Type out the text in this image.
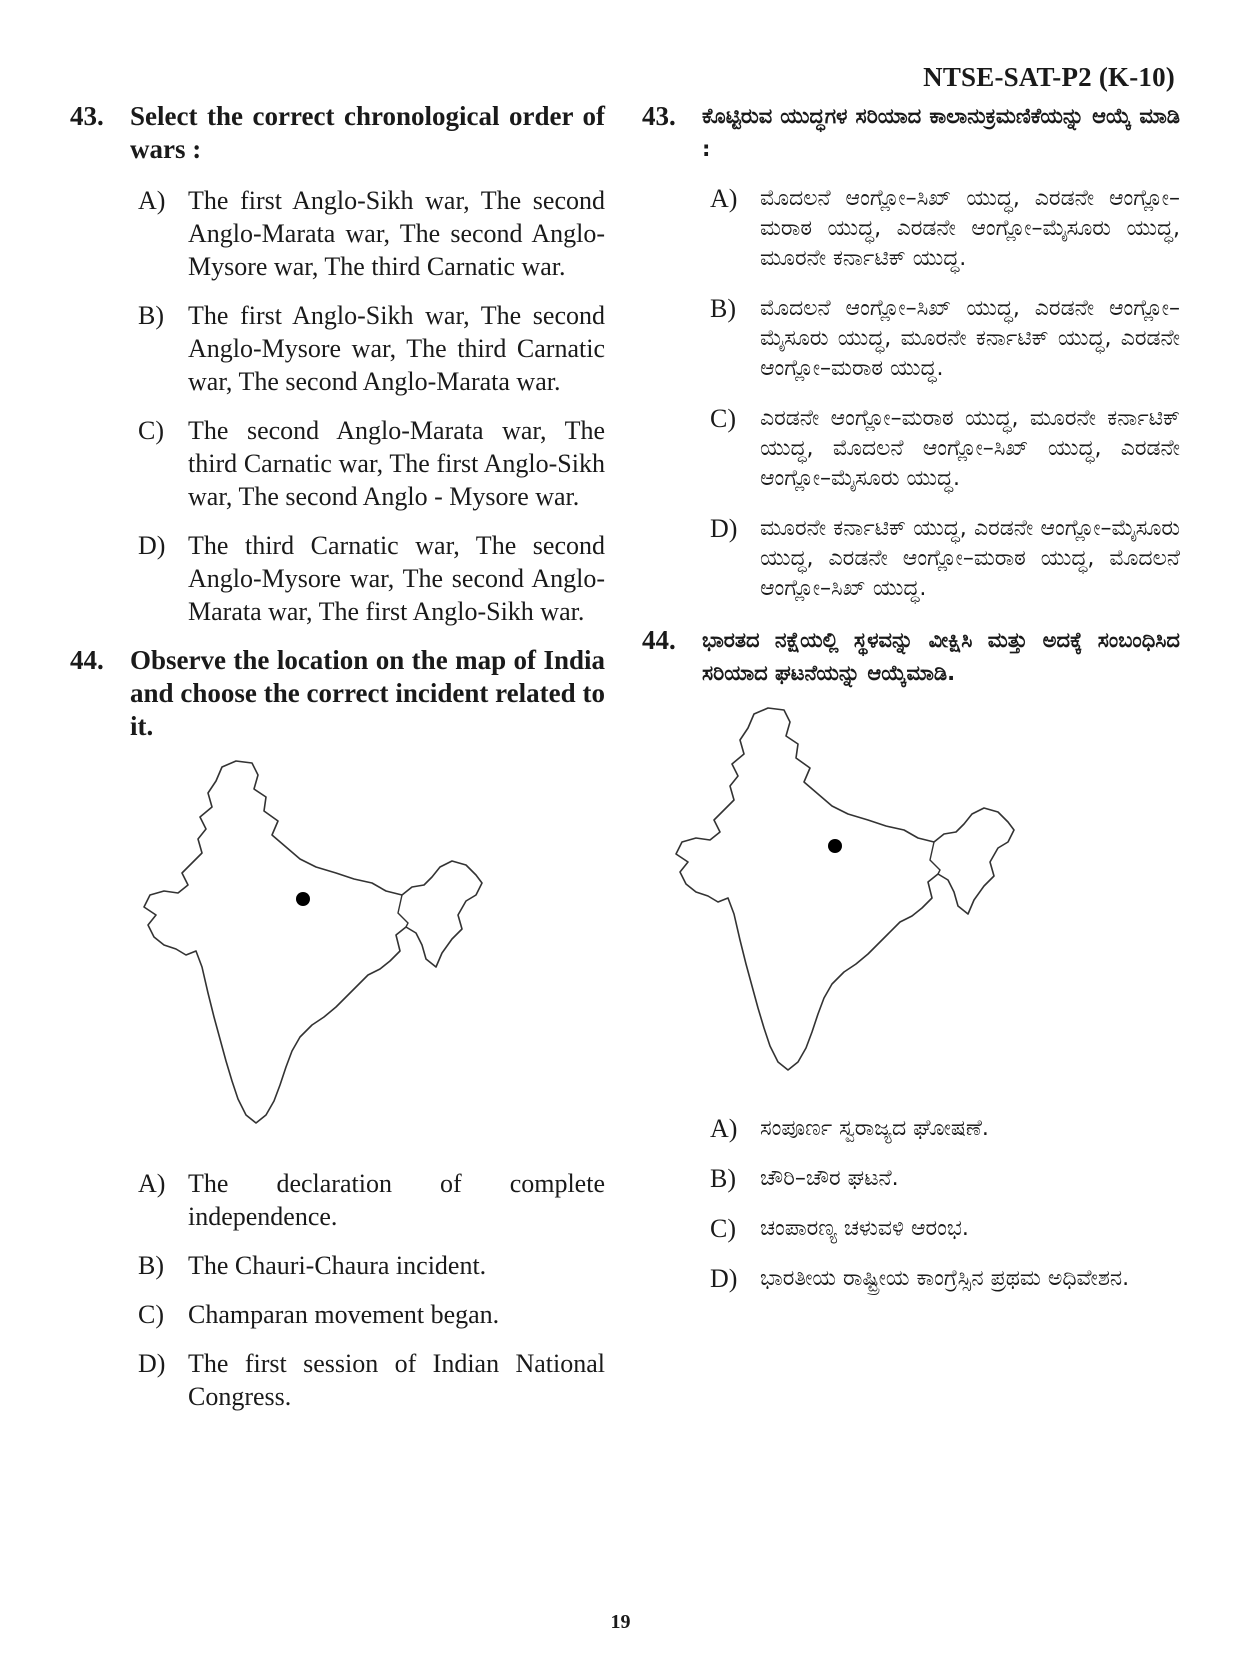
NTSE-SAT-P2 (K-10)
43. Select the correct chronological order of wars :
A) The first Anglo-Sikh war, The second Anglo-Marata war, The second Anglo-Mysore war, The third Carnatic war.
B) The first Anglo-Sikh war, The second Anglo-Mysore war, The third Carnatic war, The second Anglo-Marata war.
C) The second Anglo-Marata war, The third Carnatic war, The first Anglo-Sikh war, The second Anglo - Mysore war.
D) The third Carnatic war, The second Anglo-Mysore war, The second Anglo-Marata war, The first Anglo-Sikh war.
44. Observe the location on the map of India and choose the correct incident related to it.
A) The declaration of complete independence.
B) The Chauri-Chaura incident.
C) Champaran movement began.
D) The first session of Indian National Congress.
43.	ಕೊಟ್ಟಿರುವ ಯುದ್ಧಗಳ ಸರಿಯಾದ ಕಾಲಾನುಕ್ರಮಣಿಕೆಯನ್ನು ಆಯ್ಕೆ ಮಾಡಿ :
A)	ಮೊದಲನೆ ಆಂಗ್ಲೋ–ಸಿಖ್ ಯುದ್ಧ, ಎರಡನೇ ಆಂಗ್ಲೋ–ಮರಾಠ ಯುದ್ಧ, ಎರಡನೇ ಆಂಗ್ಲೋ–ಮೈಸೂರು ಯುದ್ಧ, ಮೂರನೇ ಕರ್ನಾಟಿಕ್ ಯುದ್ಧ.
B)	ಮೊದಲನೆ ಆಂಗ್ಲೋ–ಸಿಖ್ ಯುದ್ಧ, ಎರಡನೇ ಆಂಗ್ಲೋ–ಮೈಸೂರು ಯುದ್ಧ, ಮೂರನೇ ಕರ್ನಾಟಿಕ್ ಯುದ್ಧ, ಎರಡನೇ ಆಂಗ್ಲೋ–ಮರಾಠ ಯುದ್ಧ.
C)	ಎರಡನೇ ಆಂಗ್ಲೋ–ಮರಾಠ ಯುದ್ಧ, ಮೂರನೇ ಕರ್ನಾಟಿಕ್ ಯುದ್ಧ, ಮೊದಲನೆ ಆಂಗ್ಲೋ–ಸಿಖ್ ಯುದ್ಧ, ಎರಡನೇ ಆಂಗ್ಲೋ–ಮೈಸೂರು ಯುದ್ಧ.
D)	ಮೂರನೇ ಕರ್ನಾಟಿಕ್ ಯುದ್ಧ, ಎರಡನೇ ಆಂಗ್ಲೋ–ಮೈಸೂರು ಯುದ್ಧ, ಎರಡನೇ ಆಂಗ್ಲೋ–ಮರಾಠ ಯುದ್ಧ, ಮೊದಲನೆ ಆಂಗ್ಲೋ–ಸಿಖ್ ಯುದ್ಧ.
44.	ಭಾರತದ ನಕ್ಷೆಯಲ್ಲಿ ಸ್ಥಳವನ್ನು ವೀಕ್ಷಿಸಿ ಮತ್ತು ಅದಕ್ಕೆ ಸಂಬಂಧಿಸಿದ ಸರಿಯಾದ ಘಟನೆಯನ್ನು ಆಯ್ಕೆಮಾಡಿ.
A)	ಸಂಪೂರ್ಣ ಸ್ವರಾಜ್ಯದ ಘೋಷಣೆ.
B)	ಚೌರಿ–ಚೌರ ಘಟನೆ.
C)	ಚಂಪಾರಣ್ಯ ಚಳುವಳಿ ಆರಂಭ.
D)	ಭಾರತೀಯ ರಾಷ್ಟ್ರೀಯ ಕಾಂಗ್ರೆಸ್ಸಿನ ಪ್ರಥಮ ಅಧಿವೇಶನ.
19
